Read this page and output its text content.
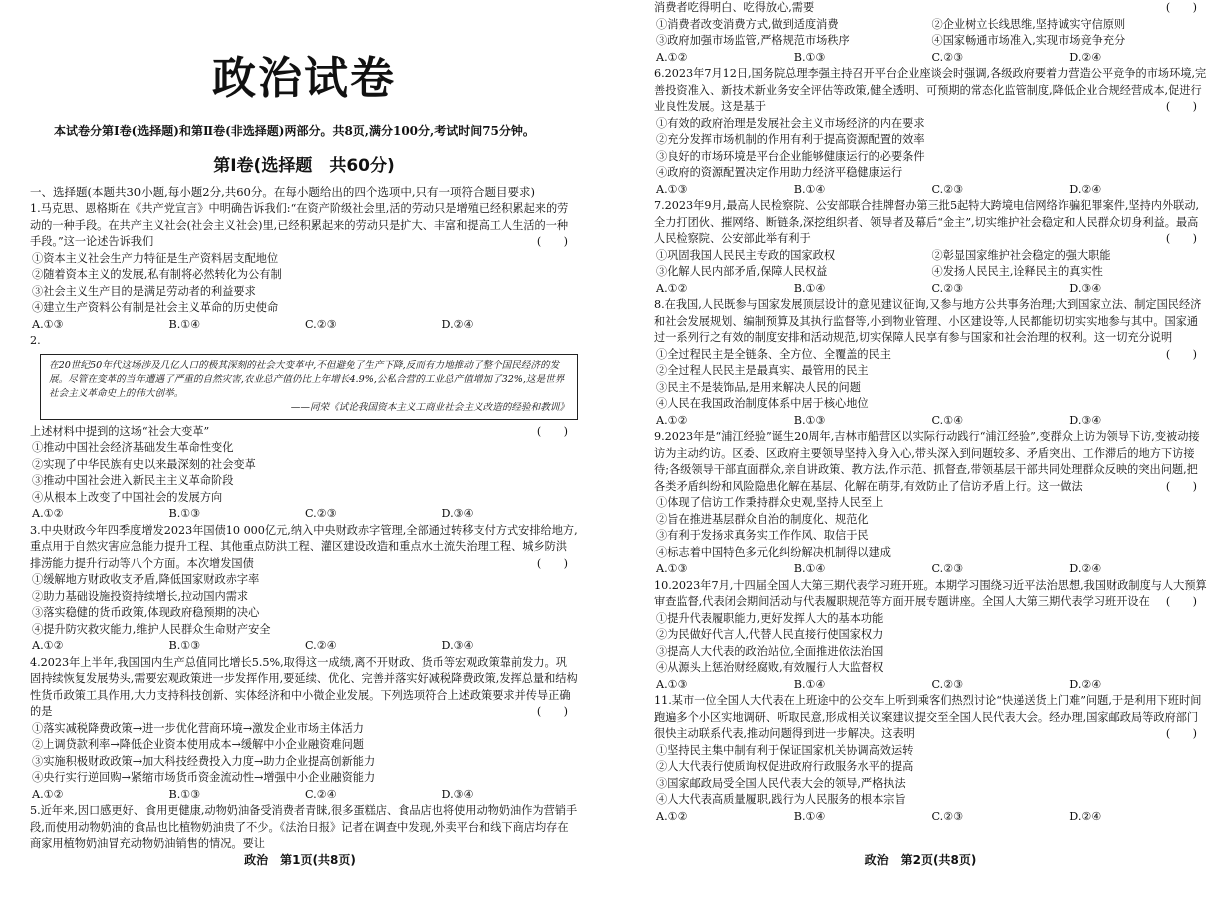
政治试卷
本试卷分第Ⅰ卷(选择题)和第Ⅱ卷(非选择题)两部分。共8页,满分100分,考试时间75分钟。
第Ⅰ卷(选择题　共60分)
一、选择题(本题共30小题,每小题2分,共60分。在每小题给出的四个选项中,只有一项符合题目要求)

1.马克思、恩格斯在《共产党宣言》中明确告诉我们:“在资产阶级社会里,活的劳动只是增殖已经积累起来的劳动的一种手段。在共产主义社会(社会主义社会)里,已经积累起来的劳动只是扩大、丰富和提高工人生活的一种手段。”这一论述告诉我们	(　　)

①资本主义社会生产力特征是生产资料居支配地位

②随着资本主义的发展,私有制将必然转化为公有制

③社会主义生产目的是满足劳动者的利益要求

④建立生产资料公有制是社会主义革命的历史使命

A.①③	B.①④	C.②③	D.②④

2.

在20世纪50年代这场涉及几亿人口的极其深刻的社会大变革中,不但避免了生产下降,反而有力地推动了整个国民经济的发展。尽管在变革的当年遭遇了严重的自然灾害,农业总产值仍比上年增长4.9%,公私合营的工业总产值增加了32%,这是世界社会主义革命史上的伟大创举。
——同荣《试论我国资本主义工商业社会主义改造的经验和教训》

上述材料中提到的这场“社会大变革”	(　　)

①推动中国社会经济基础发生革命性变化

②实现了中华民族有史以来最深刻的社会变革

③推动中国社会进入新民主主义革命阶段

④从根本上改变了中国社会的发展方向

A.①②	B.①③	C.②③	D.③④

3.中央财政今年四季度增发2023年国债10 000亿元,纳入中央财政赤字管理,全部通过转移支付方式安排给地方,重点用于自然灾害应急能力提升工程、其他重点防洪工程、灌区建设改造和重点水土流失治理工程、城乡防洪排涝能力提升行动等八个方面。本次增发国债	(　　)

①缓解地方财政收支矛盾,降低国家财政赤字率

②助力基础设施投资持续增长,拉动国内需求

③落实稳健的货币政策,体现政府稳预期的决心

④提升防灾救灾能力,维护人民群众生命财产安全

A.①②	B.①③	C.②④	D.③④

4.2023年上半年,我国国内生产总值同比增长5.5%,取得这一成绩,离不开财政、货币等宏观政策靠前发力。巩固持续恢复发展势头,需要宏观政策进一步发挥作用,要延续、优化、完善并落实好减税降费政策,发挥总量和结构性货币政策工具作用,大力支持科技创新、实体经济和中小微企业发展。下列选项符合上述政策要求并传导正确的是	(　　)

①落实减税降费政策→进一步优化营商环境→激发企业市场主体活力

②上调贷款利率→降低企业资本使用成本→缓解中小企业融资难问题

③实施积极财政政策→加大科技经费投入力度→助力企业提高创新能力

④央行实行逆回购→紧缩市场货币资金流动性→增强中小企业融资能力

A.①②	B.①③	C.②④	D.③④

5.近年来,因口感更好、食用更健康,动物奶油备受消费者青睐,很多蛋糕店、食品店也将使用动物奶油作为营销手段,而使用动物奶油的食品也比植物奶油贵了不少。《法治日报》记者在调查中发现,外卖平台和线下商店均存在商家用植物奶油冒充动物奶油销售的情况。要让

政治　第1页(共8页)

消费者吃得明白、吃得放心,需要	(　　)

①消费者改变消费方式,做到适度消费	②企业树立长线思维,坚持诚实守信原则
③政府加强市场监管,严格规范市场秩序	④国家畅通市场准入,实现市场竞争充分
A.①②	B.①③	C.②③	D.②④

6.2023年7月12日,国务院总理李强主持召开平台企业座谈会时强调,各级政府要着力营造公平竞争的市场环境,完善投资准入、新技术新业务安全评估等政策,健全透明、可预期的常态化监管制度,降低企业合规经营成本,促进行业良性发展。这是基于	(　　)

①有效的政府治理是发展社会主义市场经济的内在要求

②充分发挥市场机制的作用有利于提高资源配置的效率

③良好的市场环境是平台企业能够健康运行的必要条件

④政府的资源配置决定作用助力经济平稳健康运行

A.①③	B.①④	C.②③	D.②④

7.2023年9月,最高人民检察院、公安部联合挂牌督办第三批5起特大跨境电信网络诈骗犯罪案件,坚持内外联动,全力打团伙、摧网络、断链条,深挖组织者、领导者及幕后“金主”,切实维护社会稳定和人民群众切身利益。最高人民检察院、公安部此举有利于	(　　)

①巩固我国人民民主专政的国家政权	②彰显国家维护社会稳定的强大职能
③化解人民内部矛盾,保障人民权益	④发扬人民民主,诠释民主的真实性
A.①②	B.①④	C.②③	D.③④

8.在我国,人民既参与国家发展顶层设计的意见建议征询,又参与地方公共事务治理;大到国家立法、制定国民经济和社会发展规划、编制预算及其执行监督等,小到物业管理、小区建设等,人民都能切切实实地参与其中。国家通过一系列行之有效的制度安排和活动规范,切实保障人民享有参与国家和社会治理的权利。这一切充分说明
(　　)

①全过程民主是全链条、全方位、全覆盖的民主

②全过程人民民主是最真实、最管用的民主

③民主不是装饰品,是用来解决人民的问题

④人民在我国政治制度体系中居于核心地位

A.①②	B.①③	C.①④	D.③④

9.2023年是“浦江经验”诞生20周年,吉林市船营区以实际行动践行“浦江经验”,变群众上访为领导下访,变被动接访为主动约访。区委、区政府主要领导坚持入身入心,带头深入到问题较多、矛盾突出、工作滞后的地方下访接待;各级领导干部直面群众,亲自讲政策、教方法,作示范、抓督查,带领基层干部共同处理群众反映的突出问题,把各类矛盾纠纷和风险隐患化解在基层、化解在萌芽,有效防止了信访矛盾上行。这一做法	(　　)

①体现了信访工作秉持群众史观,坚持人民至上

②旨在推进基层群众自治的制度化、规范化

③有利于发扬求真务实工作作风、取信于民

④标志着中国特色多元化纠纷解决机制得以建成

A.①③	B.①④	C.②③	D.②④

10.2023年7月,十四届全国人大第三期代表学习班开班。本期学习围绕习近平法治思想,我国财政制度与人大预算审查监督,代表闭会期间活动与代表履职规范等方面开展专题讲座。全国人大第三期代表学习班开设在 (　　)

①提升代表履职能力,更好发挥人大的基本功能

②为民做好代言人,代替人民直接行使国家权力

③提高人大代表的政治站位,全面推进依法治国

④从源头上惩治财经腐败,有效履行人大监督权

A.①③	B.①④	C.②③	D.②④

11.某市一位全国人大代表在上班途中的公交车上听到乘客们热烈讨论“快递送货上门难”问题,于是利用下班时间跑遍多个小区实地调研、听取民意,形成相关议案建议提交至全国人民代表大会。经办理,国家邮政局等政府部门很快主动联系代表,推动问题得到进一步解决。这表明	(　　)

①坚持民主集中制有利于保证国家机关协调高效运转

②人大代表行使质询权促进政府行政服务水平的提高

③国家邮政局受全国人民代表大会的领导,严格执法

④人大代表高质量履职,践行为人民服务的根本宗旨

A.①②	B.①④	C.②③	D.②④
政治　第2页(共8页)
